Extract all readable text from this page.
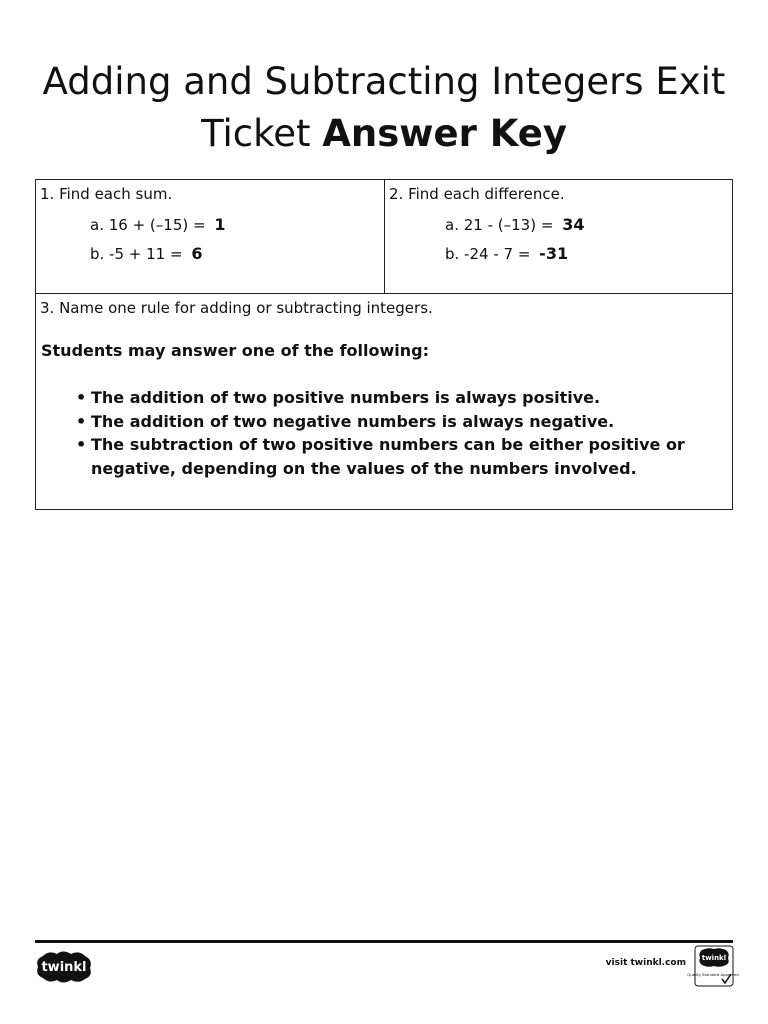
Adding and Subtracting Integers Exit
Ticket Answer Key
1. Find each sum.
a. 16 + (–15) = 1
b. -5 + 11 = 6
2. Find each difference.
a. 21 - (–13) = 34
b. -24 - 7 = -31
3. Name one rule for adding or subtracting integers.
Students may answer one of the following:
• The addition of two positive numbers is always positive.
• The addition of two negative numbers is always negative.
• The subtraction of two positive numbers can be either positive or negative, depending on the values of the numbers involved.
twinkl	visit twinkl.com twinkl
Quality Standard Approved
